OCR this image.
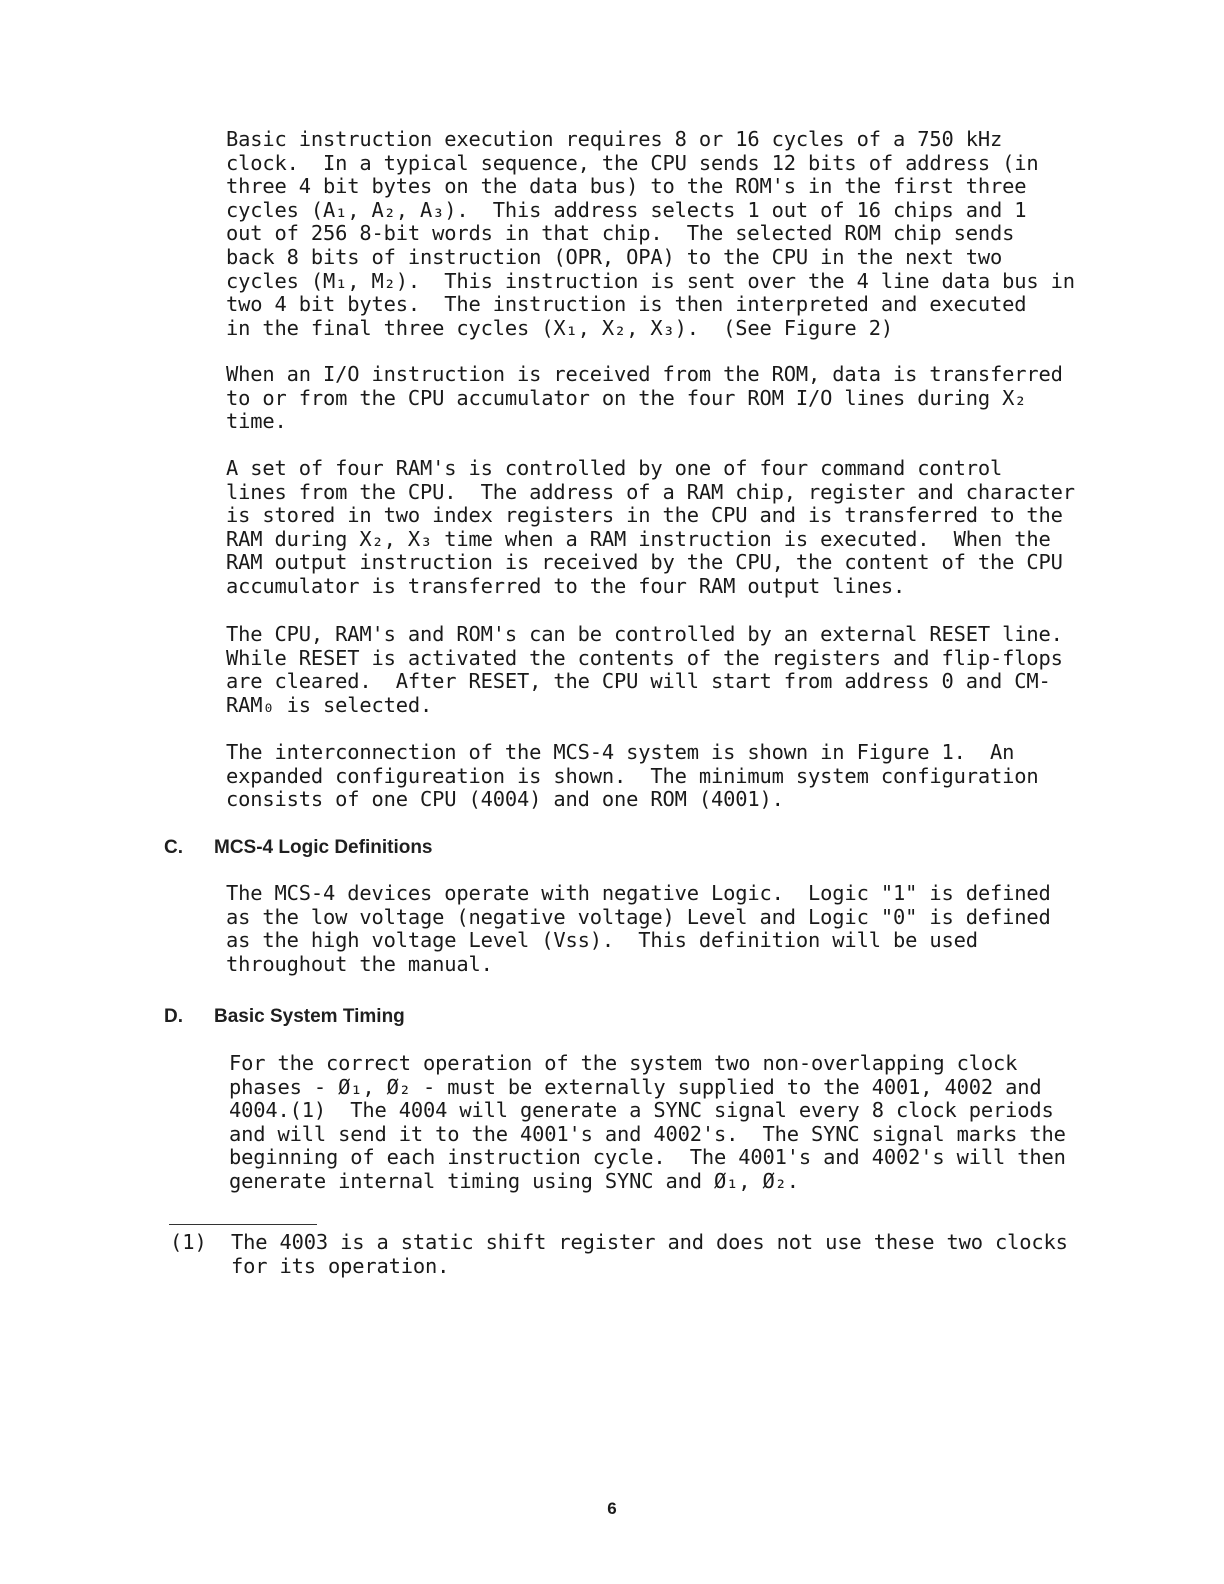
Basic instruction execution requires 8 or 16 cycles of a 750 kHz
clock.  In a typical sequence, the CPU sends 12 bits of address (in
three 4 bit bytes on the data bus) to the ROM's in the first three
cycles (A₁, A₂, A₃).  This address selects 1 out of 16 chips and 1
out of 256 8-bit words in that chip.  The selected ROM chip sends
back 8 bits of instruction (OPR, OPA) to the CPU in the next two
cycles (M₁, M₂).  This instruction is sent over the 4 line data bus in
two 4 bit bytes.  The instruction is then interpreted and executed
in the final three cycles (X₁, X₂, X₃).  (See Figure 2)
When an I/O instruction is received from the ROM, data is transferred
to or from the CPU accumulator on the four ROM I/O lines during X₂
time.
A set of four RAM's is controlled by one of four command control
lines from the CPU.  The address of a RAM chip, register and character
is stored in two index registers in the CPU and is transferred to the
RAM during X₂, X₃ time when a RAM instruction is executed.  When the
RAM output instruction is received by the CPU, the content of the CPU
accumulator is transferred to the four RAM output lines.
The CPU, RAM's and ROM's can be controlled by an external RESET line.
While RESET is activated the contents of the registers and flip-flops
are cleared.  After RESET, the CPU will start from address 0 and CM-
RAM₀ is selected.
The interconnection of the MCS-4 system is shown in Figure 1.  An
expanded configureation is shown.  The minimum system configuration
consists of one CPU (4004) and one ROM (4001).
C. MCS-4 Logic Definitions
The MCS-4 devices operate with negative Logic.  Logic "1" is defined
as the low voltage (negative voltage) Level and Logic "0" is defined
as the high voltage Level (Vss).  This definition will be used
throughout the manual.
D. Basic System Timing
For the correct operation of the system two non-overlapping clock
phases - Ø₁, Ø₂ - must be externally supplied to the 4001, 4002 and
4004.(1)  The 4004 will generate a SYNC signal every 8 clock periods
and will send it to the 4001's and 4002's.  The SYNC signal marks the
beginning of each instruction cycle.  The 4001's and 4002's will then
generate internal timing using SYNC and Ø₁, Ø₂.
(1) The 4003 is a static shift register and does not use these two clocks
for its operation.
6
